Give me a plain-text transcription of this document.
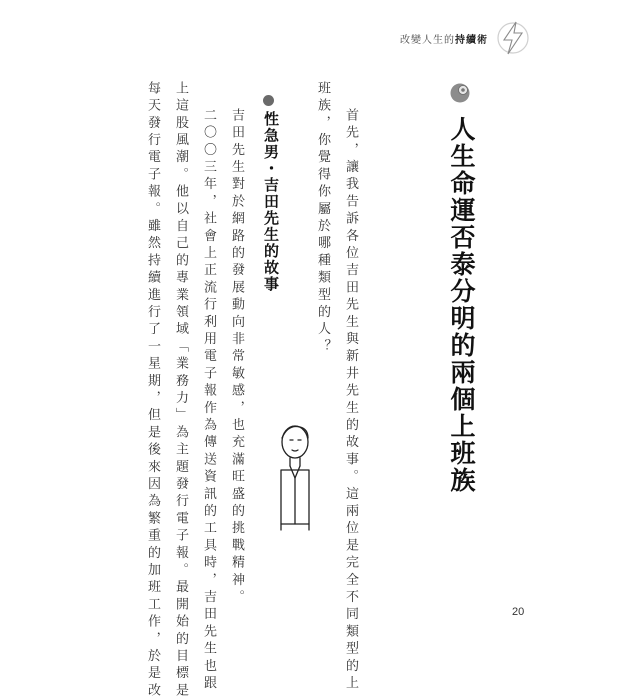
改變人生的持續術
人生命運否泰分明的兩個上班族

首先，讓我告訴各位吉田先生與新井先生的故事。這兩位是完全不同類型的上

班族，你覺得你屬於哪種類型的人？

性急男・吉田先生的故事

吉田先生對於網路的發展動向非常敏感，也充滿旺盛的挑戰精神。

二〇〇三年，社會上正流行利用電子報作為傳送資訊的工具時，吉田先生也跟

上這股風潮。他以自己的專業領域「業務力」為主題發行電子報。最開始的目標是

每天發行電子報。雖然持續進行了一星期，但是後來因為繁重的加班工作，於是改	20
